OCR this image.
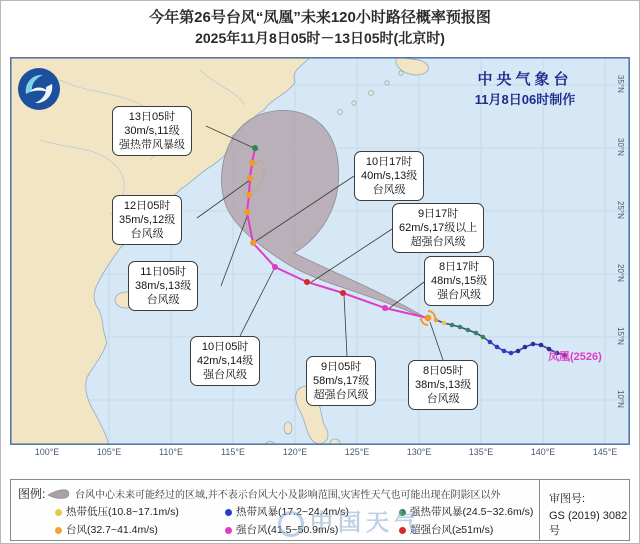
今年第26号台风“凤凰”未来120小时路径概率预报图
2025年11月8日05时－13日05时(北京时)
中央气象台
11月8日06时制作
13日05时
30m/s,11级
强热带风暴级
12日05时
35m/s,12级
台风级
11日05时
38m/s,13级
台风级
10日05时
42m/s,14级
强台风级
9日05时
58m/s,17级
超强台风级
8日05时
38m/s,13级
台风级
10日17时
40m/s,13级
台风级
9日17时
62m/s,17级以上
超强台风级
8日17时
48m/s,15级
强台风级
凤凰(2526)
100°E	105°E	110°E	115°E	120°E	125°E	130°E	135°E	140°E	145°E
35°N
30°N
25°N
20°N
15°N
10°N
图例:	台风中心未来可能经过的区域,并不表示台风大小及影响范围,灾害性天气也可能出现在阴影区以外
热带低压(10.8~17.1m/s)	热带风暴(17.2~24.4m/s)	强热带风暴(24.5~32.6m/s)
台风(32.7~41.4m/s)	强台风(41.5~50.9m/s)	超强台风(≥51m/s)
审图号:
GS (2019) 3082号
中国天气
